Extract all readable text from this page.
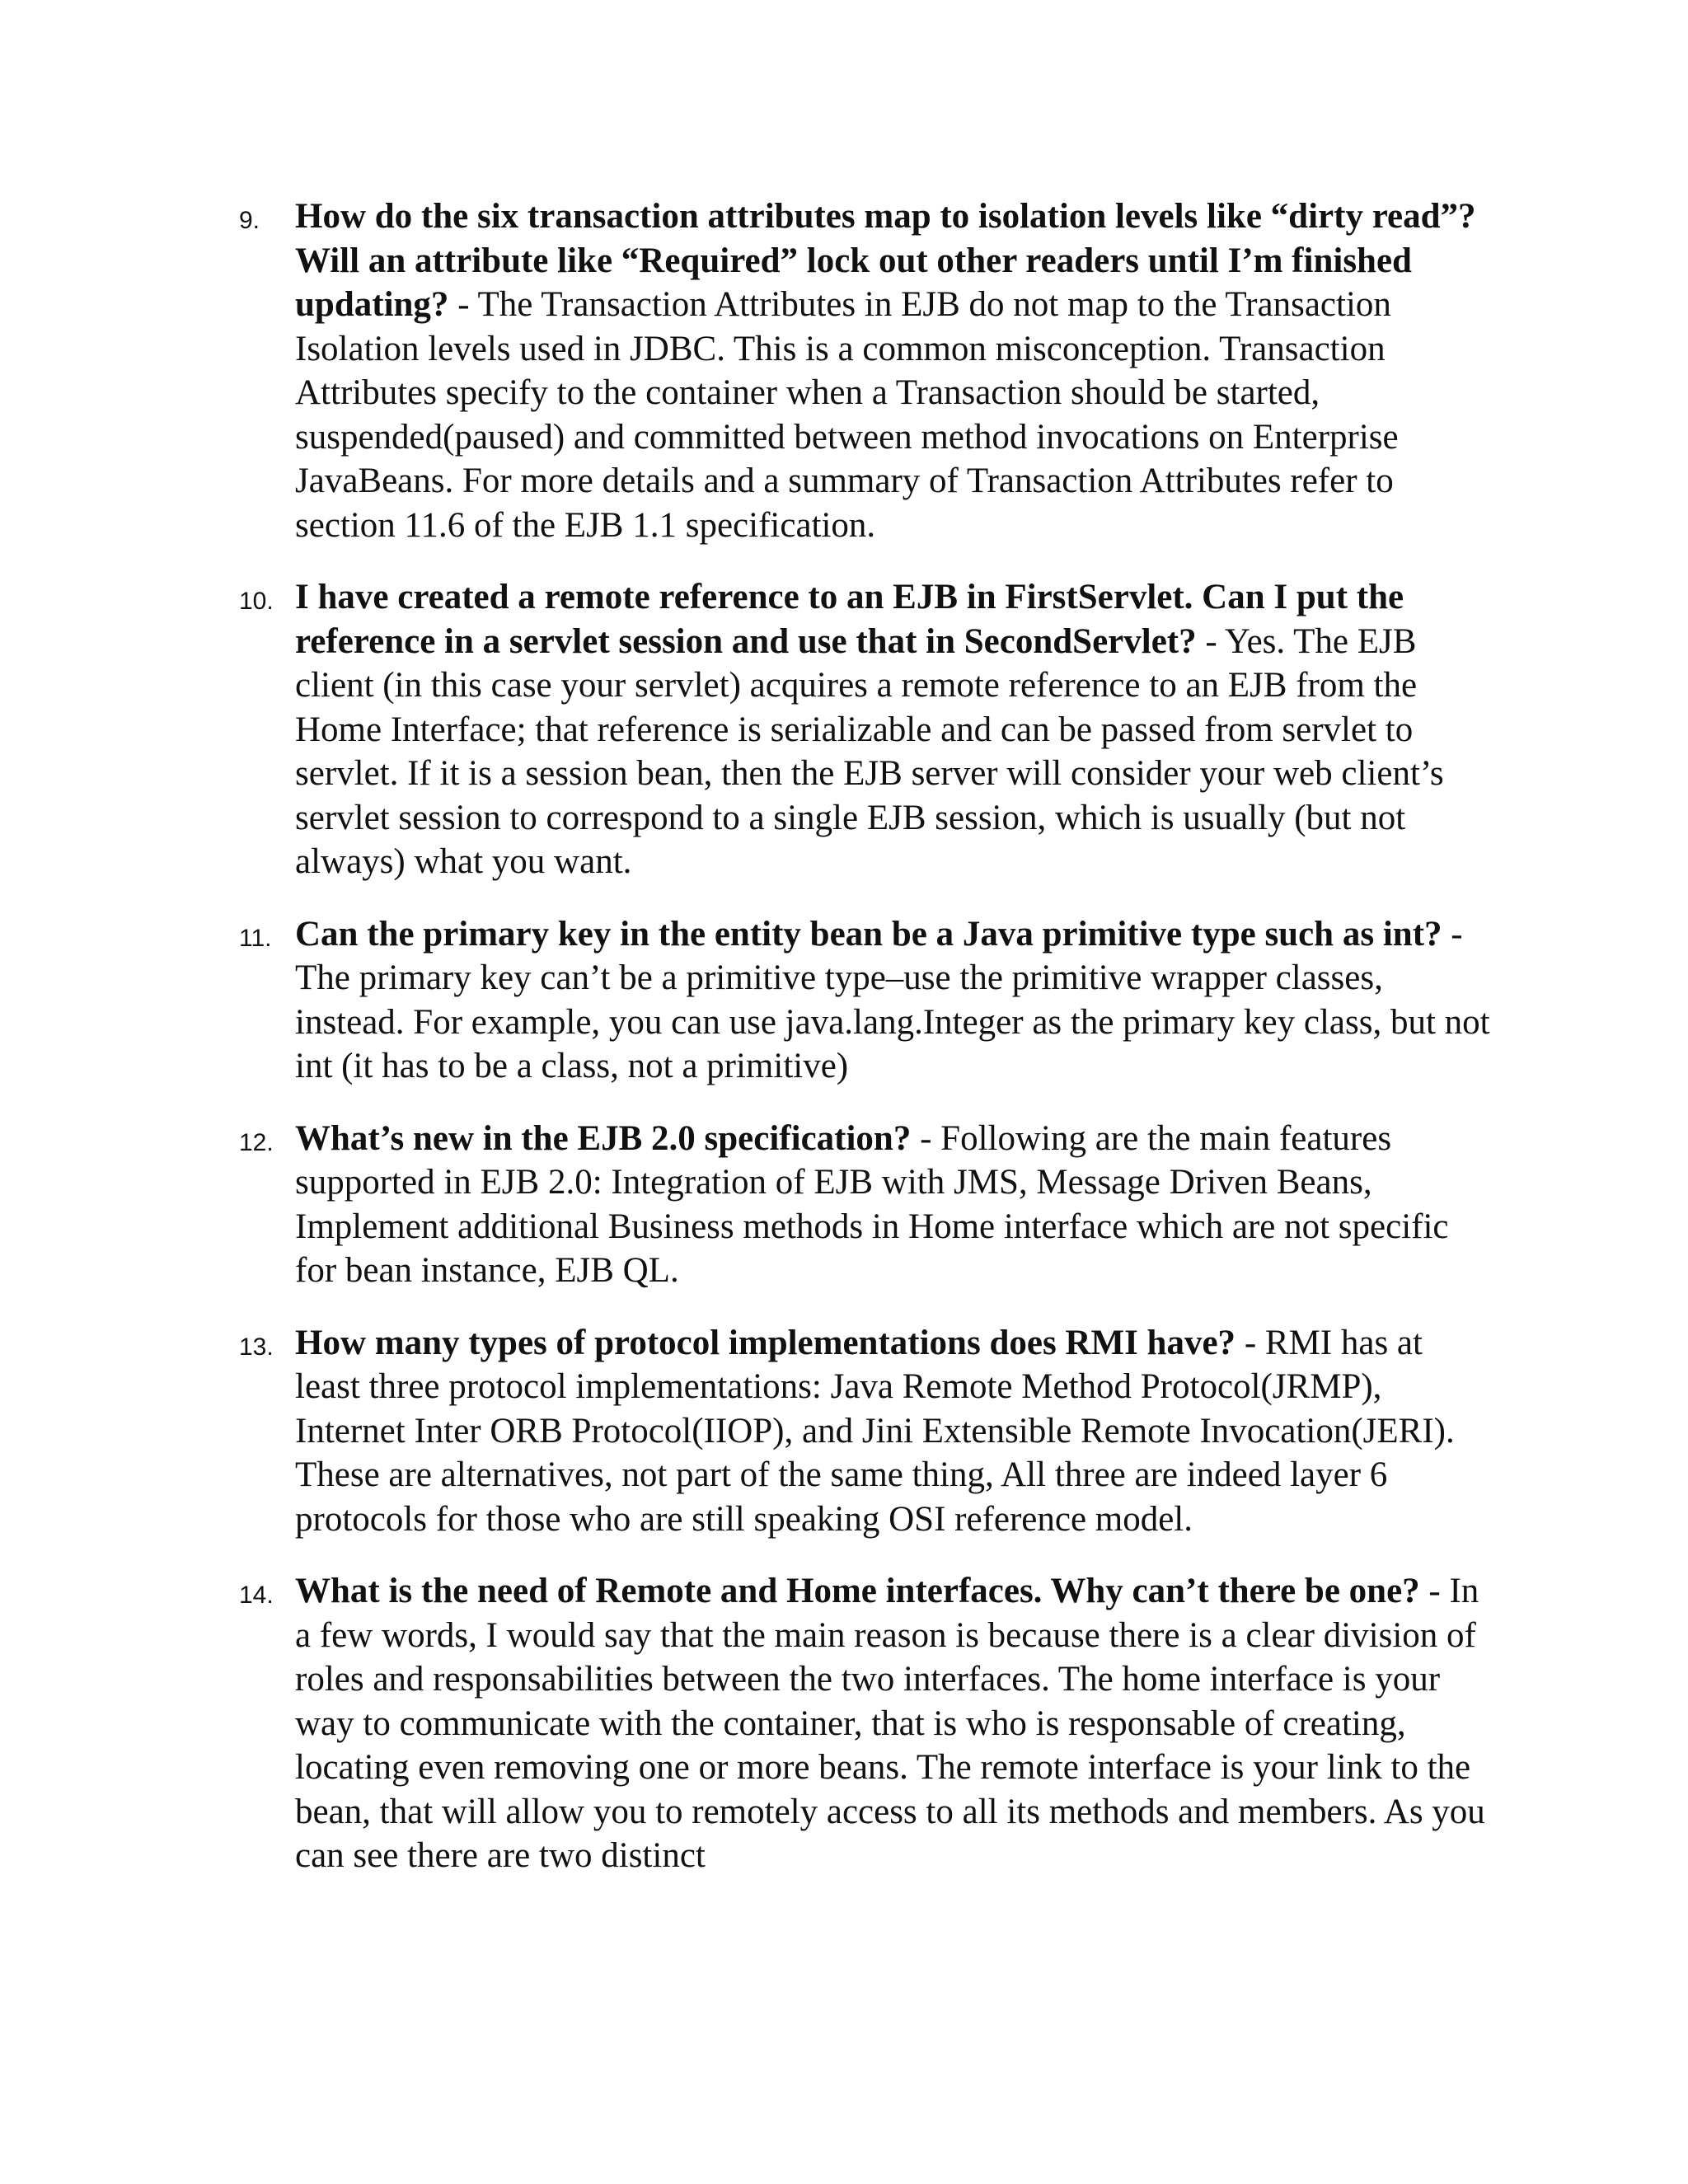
9. How do the six transaction attributes map to isolation levels like “dirty read”? Will an attribute like “Required” lock out other readers until I’m finished updating? - The Transaction Attributes in EJB do not map to the Transaction Isolation levels used in JDBC. This is a common misconception. Transaction Attributes specify to the container when a Transaction should be started, suspended(paused) and committed between method invocations on Enterprise JavaBeans. For more details and a summary of Transaction Attributes refer to section 11.6 of the EJB 1.1 specification.
10. I have created a remote reference to an EJB in FirstServlet. Can I put the reference in a servlet session and use that in SecondServlet? - Yes. The EJB client (in this case your servlet) acquires a remote reference to an EJB from the Home Interface; that reference is serializable and can be passed from servlet to servlet. If it is a session bean, then the EJB server will consider your web client’s servlet session to correspond to a single EJB session, which is usually (but not always) what you want.
11. Can the primary key in the entity bean be a Java primitive type such as int? - The primary key can’t be a primitive type–use the primitive wrapper classes, instead. For example, you can use java.lang.Integer as the primary key class, but not int (it has to be a class, not a primitive)
12. What’s new in the EJB 2.0 specification? - Following are the main features supported in EJB 2.0: Integration of EJB with JMS, Message Driven Beans, Implement additional Business methods in Home interface which are not specific for bean instance, EJB QL.
13. How many types of protocol implementations does RMI have? - RMI has at least three protocol implementations: Java Remote Method Protocol(JRMP), Internet Inter ORB Protocol(IIOP), and Jini Extensible Remote Invocation(JERI). These are alternatives, not part of the same thing, All three are indeed layer 6 protocols for those who are still speaking OSI reference model.
14. What is the need of Remote and Home interfaces. Why can’t there be one? - In a few words, I would say that the main reason is because there is a clear division of roles and responsabilities between the two interfaces. The home interface is your way to communicate with the container, that is who is responsable of creating, locating even removing one or more beans. The remote interface is your link to the bean, that will allow you to remotely access to all its methods and members. As you can see there are two distinct
